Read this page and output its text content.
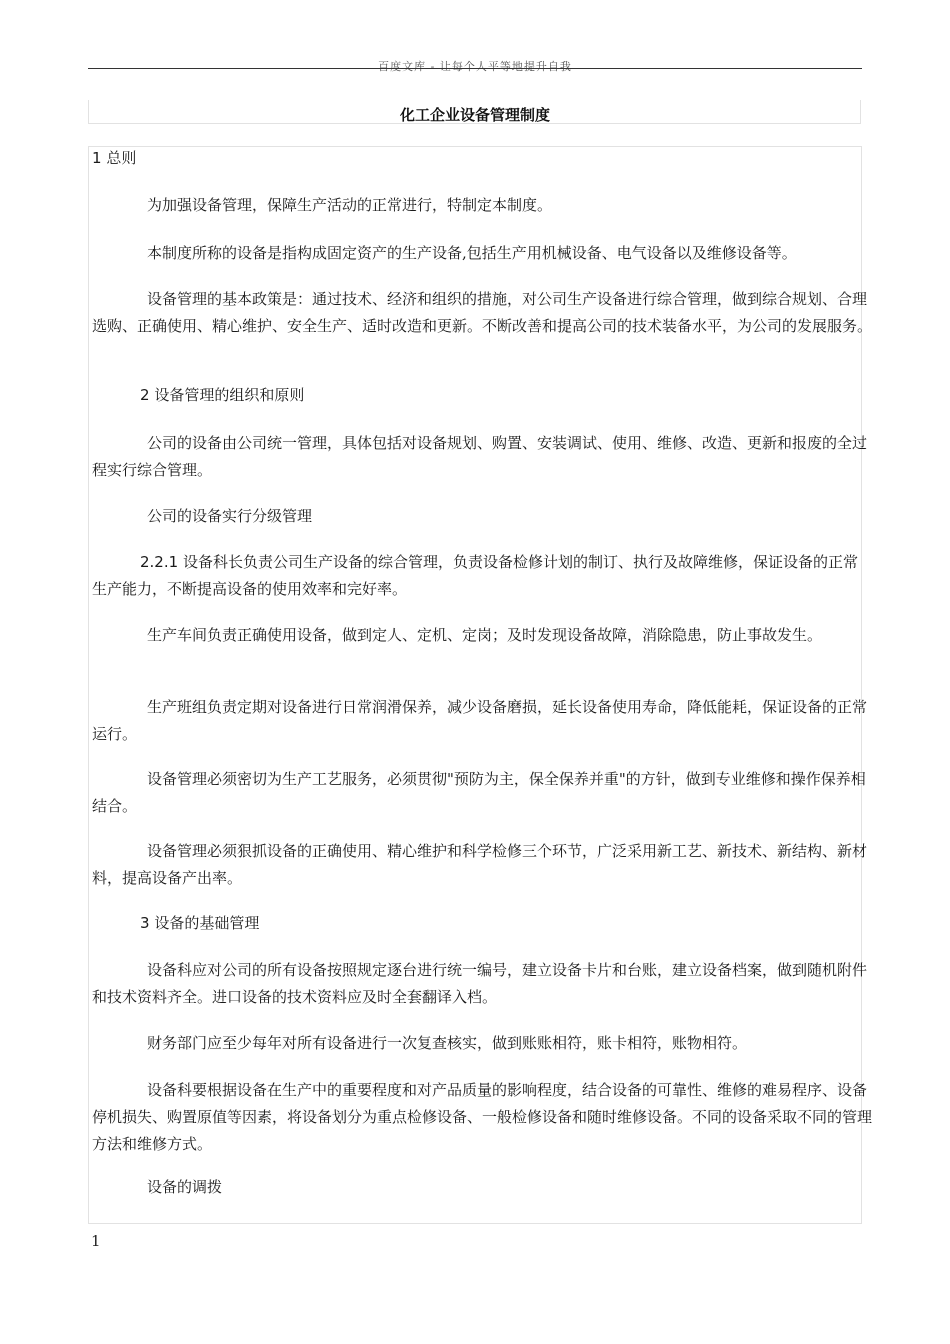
百度文库 - 让每个人平等地提升自我
化工企业设备管理制度
1 总则
为加强设备管理，保障生产活动的正常进行，特制定本制度。
本制度所称的设备是指构成固定资产的生产设备,包括生产用机械设备、电气设备以及维修设备等。
设备管理的基本政策是：通过技术、经济和组织的措施，对公司生产设备进行综合管理，做到综合规划、合理选购、正确使用、精心维护、安全生产、适时改造和更新。不断改善和提高公司的技术装备水平，为公司的发展服务。
2 设备管理的组织和原则
公司的设备由公司统一管理，具体包括对设备规划、购置、安装调试、使用、维修、改造、更新和报废的全过程实行综合管理。
公司的设备实行分级管理
2.2.1 设备科长负责公司生产设备的综合管理，负责设备检修计划的制订、执行及故障维修，保证设备的正常生产能力，不断提高设备的使用效率和完好率。
生产车间负责正确使用设备，做到定人、定机、定岗；及时发现设备故障，消除隐患，防止事故发生。
生产班组负责定期对设备进行日常润滑保养，减少设备磨损，延长设备使用寿命，降低能耗，保证设备的正常运行。
设备管理必须密切为生产工艺服务，必须贯彻"预防为主，保全保养并重"的方针，做到专业维修和操作保养相结合。
设备管理必须狠抓设备的正确使用、精心维护和科学检修三个环节，广泛采用新工艺、新技术、新结构、新材料，提高设备产出率。
3 设备的基础管理
设备科应对公司的所有设备按照规定逐台进行统一编号，建立设备卡片和台账，建立设备档案，做到随机附件和技术资料齐全。进口设备的技术资料应及时全套翻译入档。
财务部门应至少每年对所有设备进行一次复查核实，做到账账相符，账卡相符，账物相符。
设备科要根据设备在生产中的重要程度和对产品质量的影响程度，结合设备的可靠性、维修的难易程序、设备停机损失、购置原值等因素，将设备划分为重点检修设备、一般检修设备和随时维修设备。不同的设备采取不同的管理方法和维修方式。
设备的调拨
1
